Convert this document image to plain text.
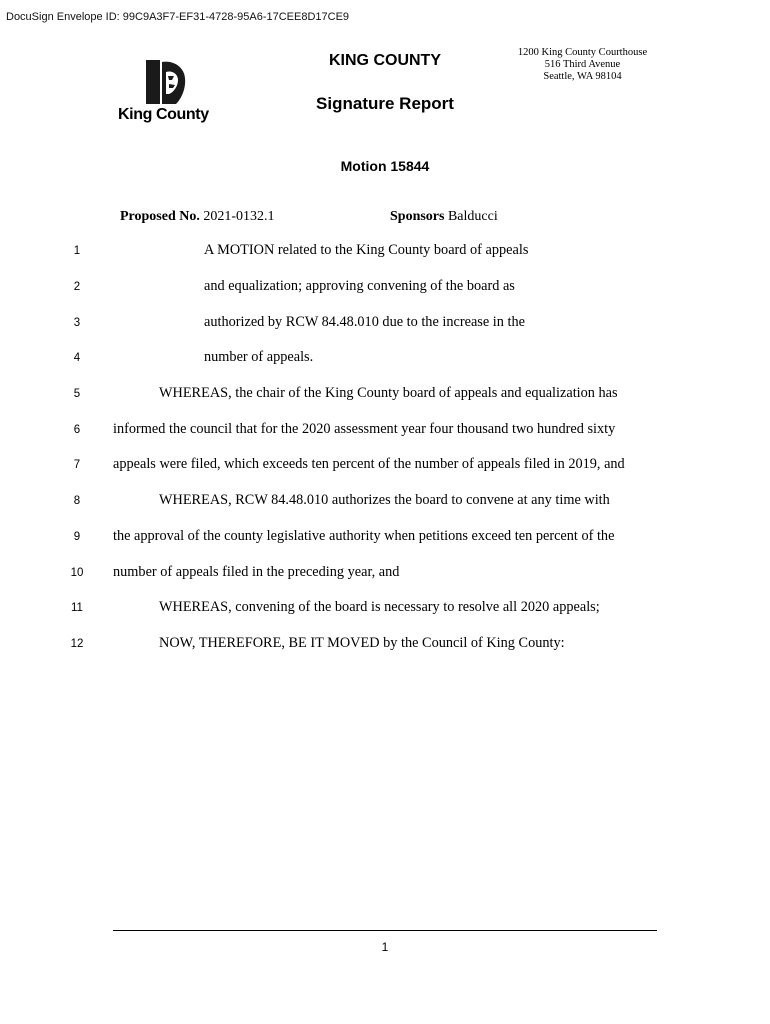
DocuSign Envelope ID: 99C9A3F7-EF31-4728-95A6-17CEE8D17CE9
King County
KING COUNTY
Signature Report
1200 King County Courthouse
516 Third Avenue
Seattle, WA 98104
Motion 15844
Proposed No. 2021-0132.1	Sponsors Balducci
1	A MOTION related to the King County board of appeals
2	and equalization; approving convening of the board as
3	authorized by RCW 84.48.010 due to the increase in the
4	number of appeals.
5	WHEREAS, the chair of the King County board of appeals and equalization has
6	informed the council that for the 2020 assessment year four thousand two hundred sixty
7	appeals were filed, which exceeds ten percent of the number of appeals filed in 2019, and
8	WHEREAS, RCW 84.48.010 authorizes the board to convene at any time with
9	the approval of the county legislative authority when petitions exceed ten percent of the
10	number of appeals filed in the preceding year, and
11	WHEREAS, convening of the board is necessary to resolve all 2020 appeals;
12	NOW, THEREFORE, BE IT MOVED by the Council of King County:
1
